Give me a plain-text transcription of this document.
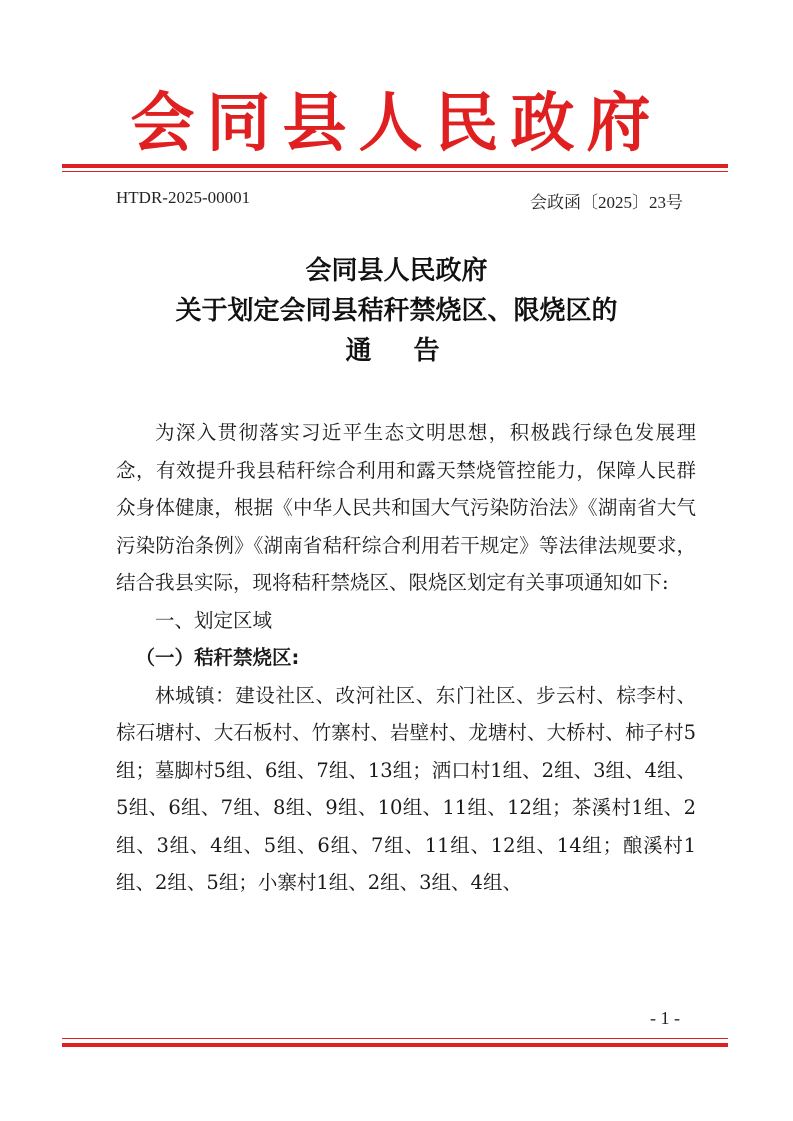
会同县人民政府
HTDR-2025-00001	会政函〔2025〕23号
会同县人民政府
关于划定会同县秸秆禁烧区、限烧区的
通　告

为深入贯彻落实习近平生态文明思想，积极践行绿色发展理念，有效提升我县秸秆综合利用和露天禁烧管控能力，保障人民群众身体健康，根据《中华人民共和国大气污染防治法》《湖南省大气污染防治条例》《湖南省秸秆综合利用若干规定》等法律法规要求，结合我县实际，现将秸秆禁烧区、限烧区划定有关事项通知如下:

一、划定区域

（一）秸秆禁烧区:

林城镇：建设社区、改河社区、东门社区、步云村、棕李村、棕石塘村、大石板村、竹寨村、岩壁村、龙塘村、大桥村、柿子村5组；墓脚村5组、6组、7组、13组；洒口村1组、2组、3组、4组、5组、6组、7组、8组、9组、10组、11组、12组；茶溪村1组、2组、3组、4组、5组、6组、7组、11组、12组、14组；酿溪村1组、2组、5组；小寨村1组、2组、3组、4组、

- 1 -
